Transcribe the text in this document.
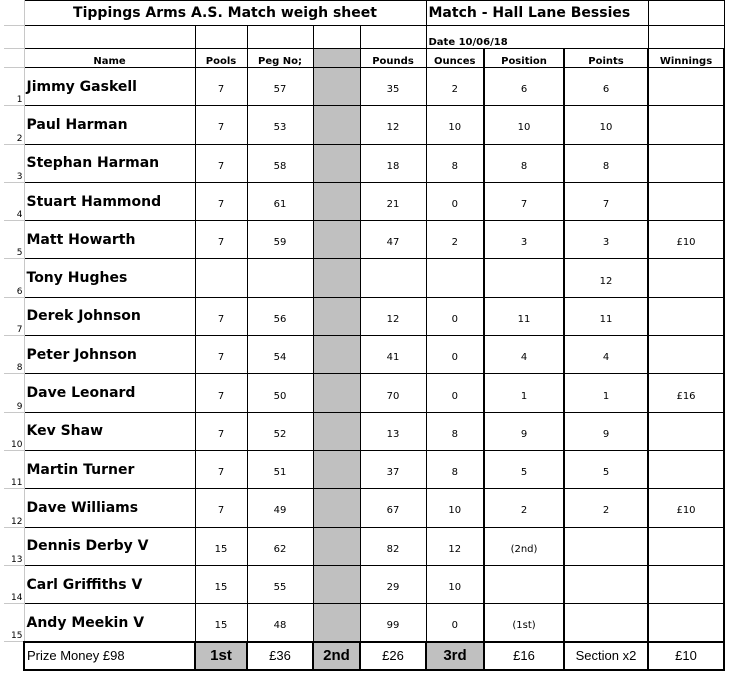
	Tippings Arms A.S. Match weigh sheet					Match - Hall Lane Bessies			
						Date 10/06/18			
	Name	Pools	Peg No;		Pounds	Ounces	Position	Points	Winnings
1	Jimmy Gaskell	7	57		35	2	6	6	
2	Paul Harman	7	53		12	10	10	10	
3	Stephan Harman	7	58		18	8	8	8	
4	Stuart Hammond	7	61		21	0	7	7	
5	Matt Howarth	7	59		47	2	3	3	£10
6	Tony Hughes							12	
7	Derek Johnson	7	56		12	0	11	11	
8	Peter Johnson	7	54		41	0	4	4	
9	Dave Leonard	7	50		70	0	1	1	£16
10	Kev Shaw	7	52		13	8	9	9	
11	Martin Turner	7	51		37	8	5	5	
12	Dave Williams	7	49		67	10	2	2	£10
13	Dennis Derby V	15	62		82	12	(2nd)		
14	Carl Griffiths V	15	55		29	10			
15	Andy Meekin V	15	48		99	0	(1st)		
	Prize Money £98	1st	£36	2nd	£26	3rd	£16	Section x2	£10
